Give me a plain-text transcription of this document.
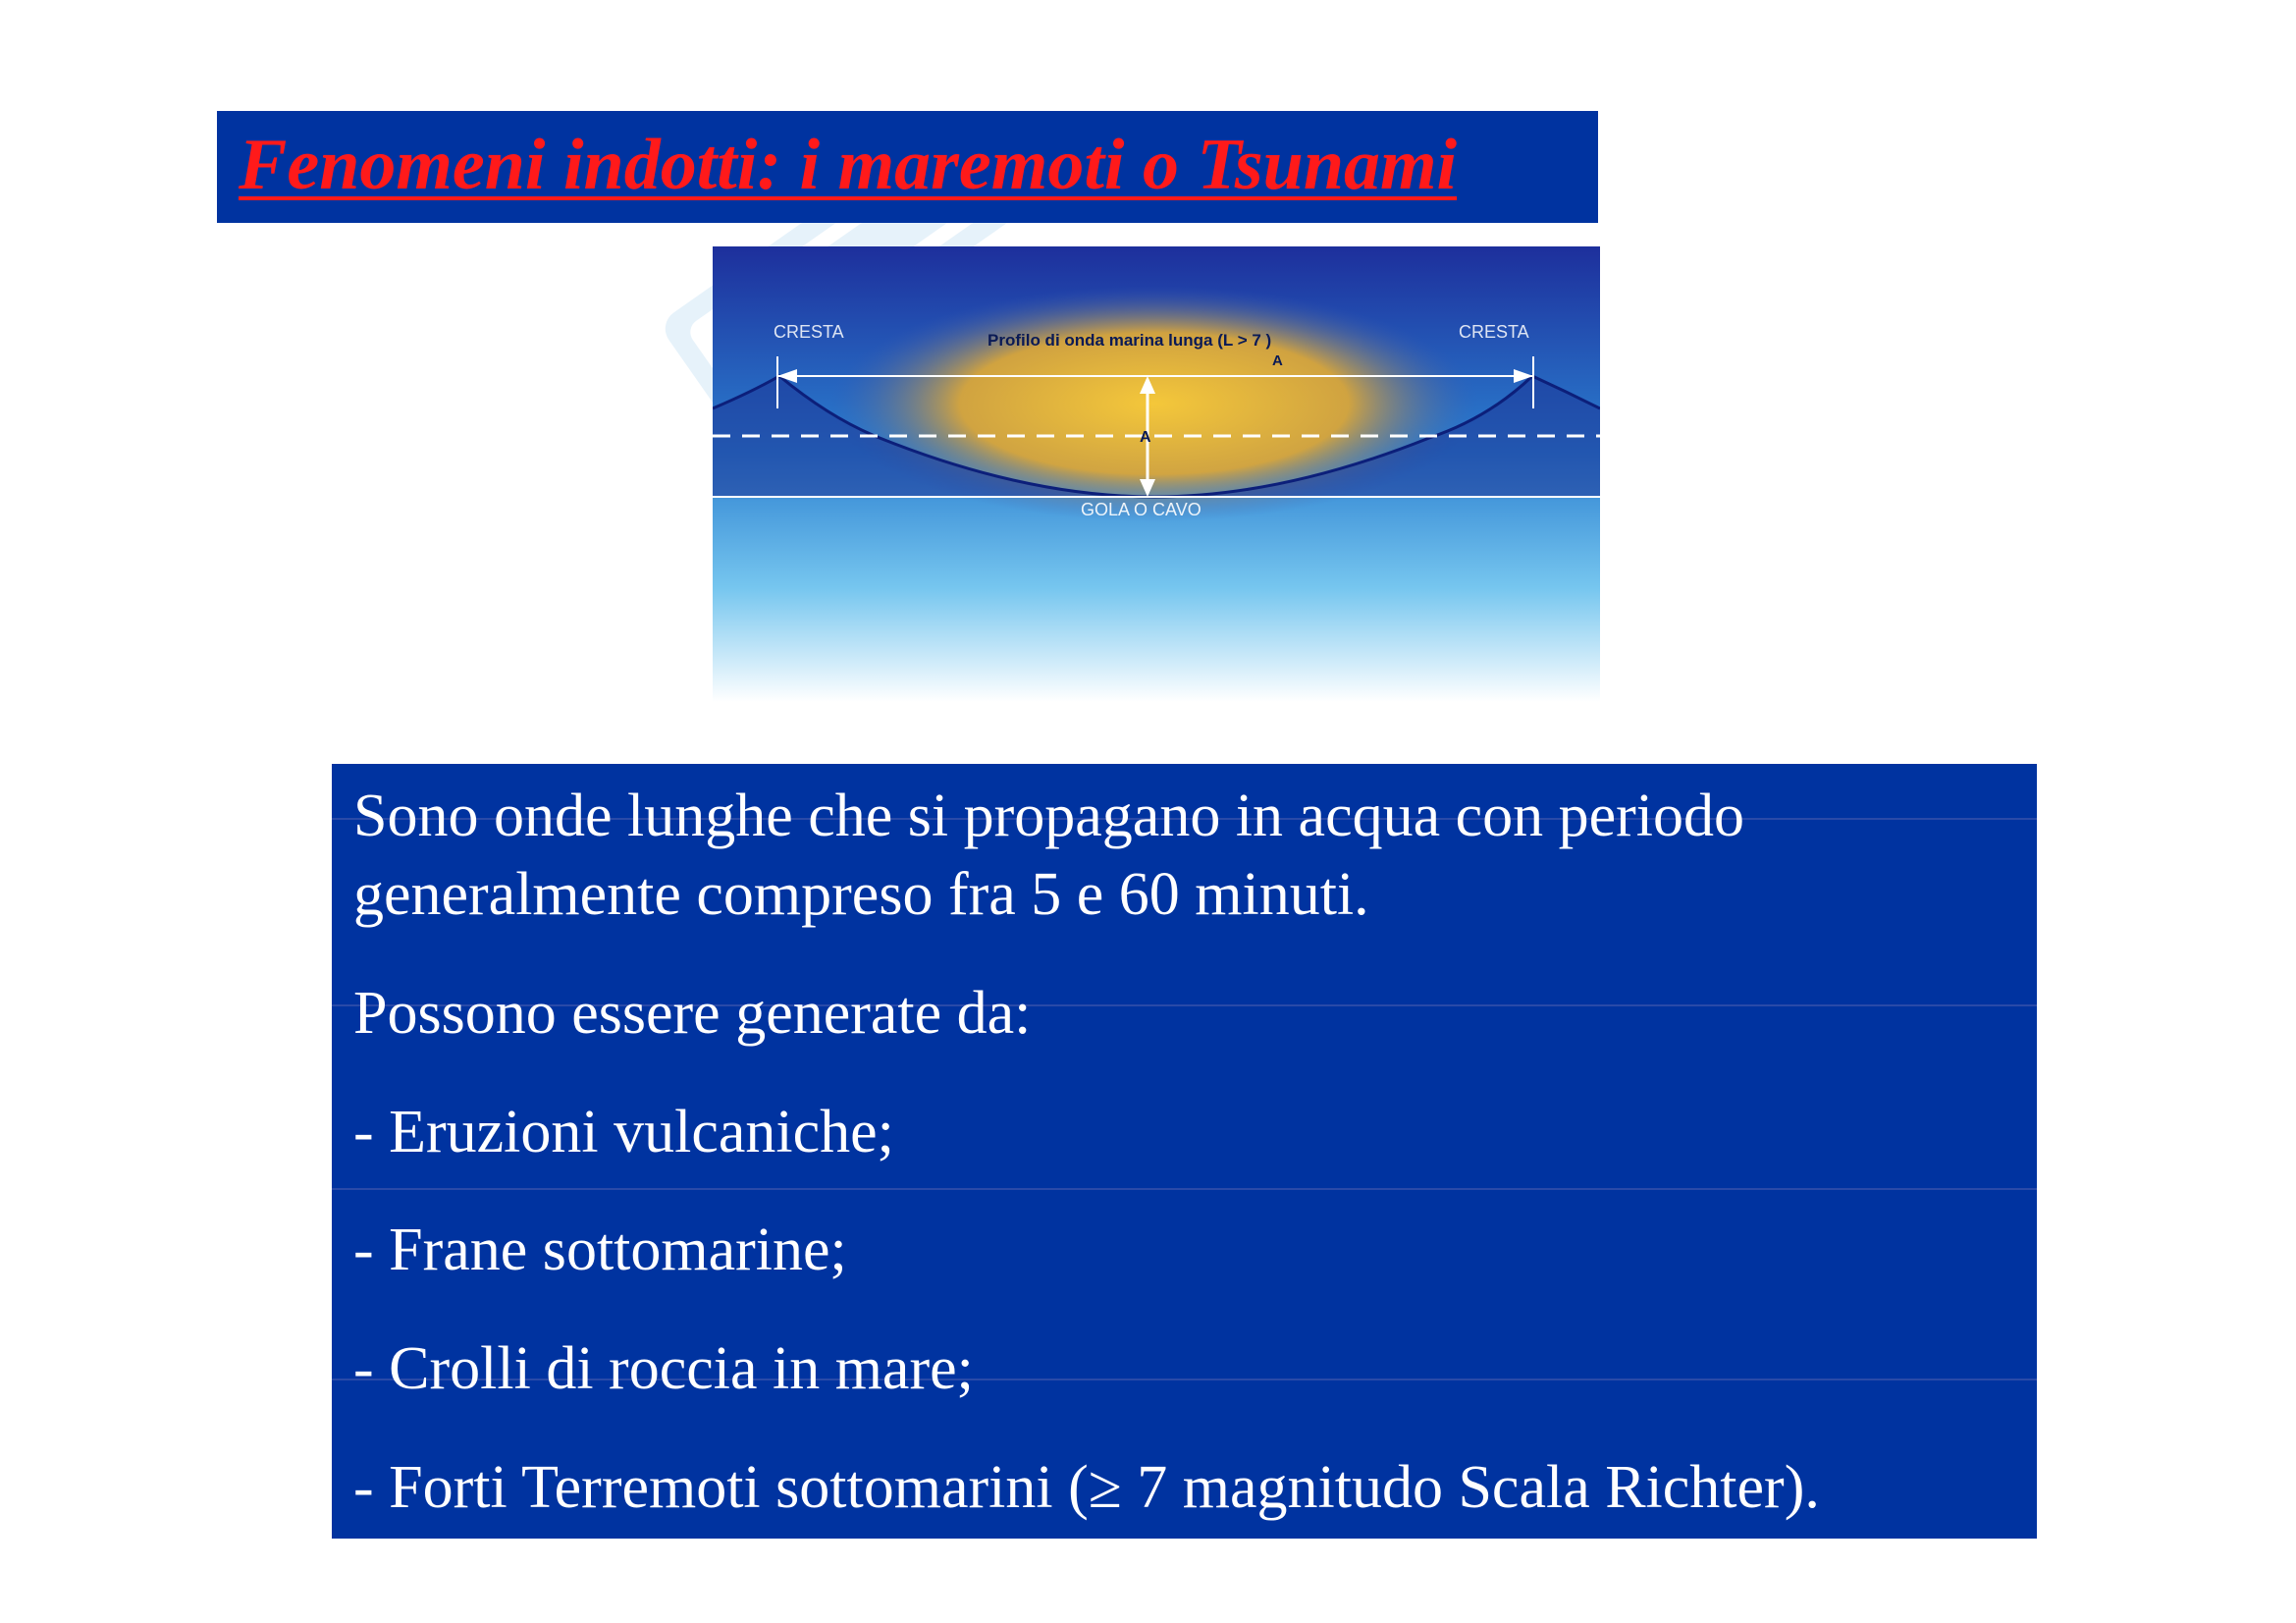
Fenomeni indotti: i maremoti o Tsunami
CRESTA	CRESTA
Profilo di onda marina lunga (L > 7 )
A
A
GOLA O CAVO
Sono onde lunghe che si propagano in acqua con periodo
generalmente compreso fra 5 e 60 minuti.
Possono essere generate da:
- Eruzioni vulcaniche;
- Frane sottomarine;
- Crolli di roccia in mare;
- Forti Terremoti sottomarini (≥ 7 magnitudo Scala Richter).
